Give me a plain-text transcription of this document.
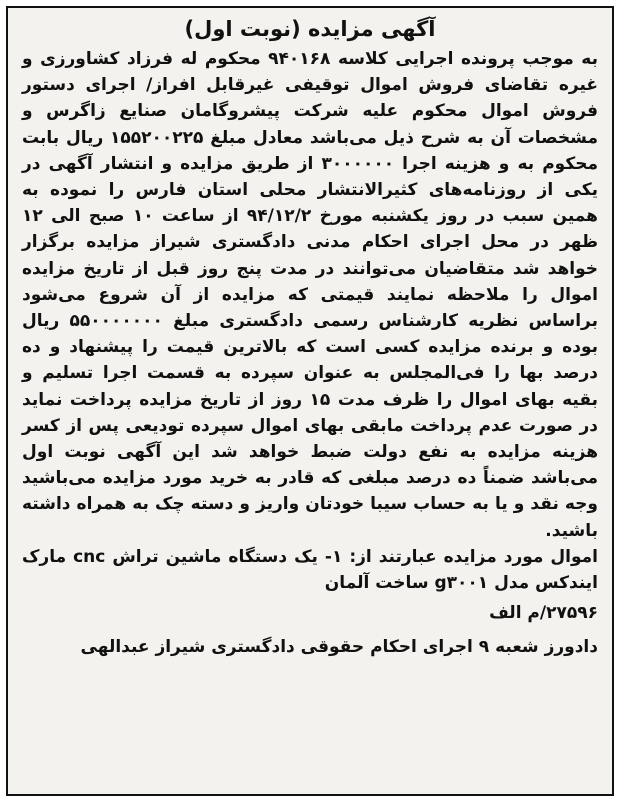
آگهی مزایده (نوبت اول)

به موجب پرونده اجرایی کلاسه ۹۴۰۱۶۸ محکوم له فرزاد کشاورزی و غیره تقاضای فروش اموال توقیفی غیرقابل افراز/ اجرای دستور فروش اموال محکوم علیه شرکت پیشروگامان صنایع زاگرس و مشخصات آن به شرح ذیل می‌باشد معادل مبلغ ۱۵۵۲۰۰۲۲۵ ریال بابت محکوم به و هزینه اجرا ۳۰۰۰۰۰۰ از طریق مزایده و انتشار آگهی در یکی از روزنامه‌های کثیرالانتشار محلی استان فارس را نموده به همین سبب در روز یکشنبه مورخ ۹۴/۱۲/۲ از ساعت ۱۰ صبح الی ۱۲ ظهر در محل اجرای احکام مدنی دادگستری شیراز مزایده برگزار خواهد شد متقاضیان می‌توانند در مدت پنج روز قبل از تاریخ مزایده اموال را ملاحظه نمایند قیمتی که مزایده از آن شروع می‌شود براساس نظریه کارشناس رسمی دادگستری مبلغ ۵۵۰۰۰۰۰۰۰ ریال بوده و برنده مزایده کسی است که بالاترین قیمت را پیشنهاد و ده درصد بها را فی‌المجلس به عنوان سپرده به قسمت اجرا تسلیم و بقیه بهای اموال را ظرف مدت ۱۵ روز از تاریخ مزایده پرداخت نماید در صورت عدم پرداخت مابقی بهای اموال سپرده تودیعی پس از کسر هزینه مزایده به نفع دولت ضبط خواهد شد این آگهی نوبت اول می‌باشد ضمناً ده درصد مبلغی که قادر به خرید مورد مزایده می‌باشید وجه نقد و یا به حساب سیبا خودتان واریز و دسته چک به همراه داشته باشید.

اموال مورد مزایده عبارتند از: ۱- یک دستگاه ماشین تراش cnc مارک ایندکس مدل g۳۰۰۱ ساخت آلمان

۲۷۵۹۶/م الف
دادورز شعبه ۹ اجرای احکام حقوقی دادگستری شیراز عبدالهی
